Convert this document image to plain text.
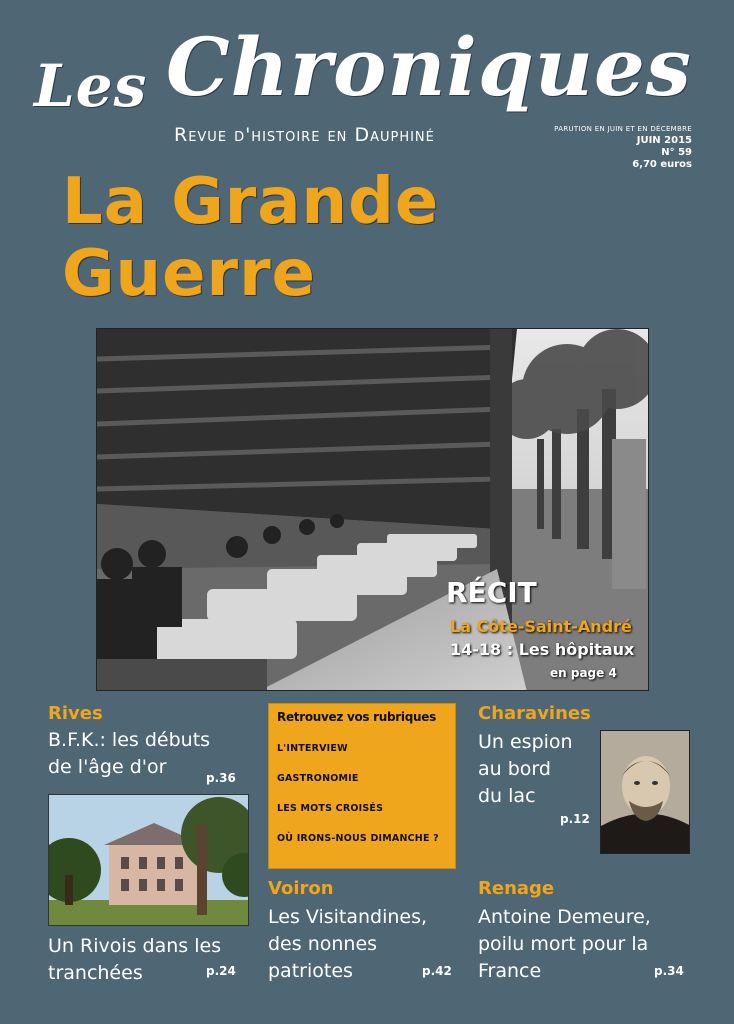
Les Chroniques
Revue d'histoire en Dauphiné	PARUTION EN JUIN ET EN DÉCEMBRE
JUIN 2015
N° 59
6,70 euros
La Grande
Guerre
RÉCIT
La Côte-Saint-André
14-18 : Les hôpitaux
en page 4
Rives
B.F.K.: les débuts
de l'âge d'or	p.36
Un Rivois dans les
tranchées	p.24
Retrouvez vos rubriques
L'INTERVIEW
GASTRONOMIE
LES MOTS CROISÉS
OÙ IRONS-NOUS DIMANCHE ?
Charavines
Un espion
au bord
du lac
p.12
Voiron
Les Visitandines,
des nonnes
patriotes	p.42
Renage
Antoine Demeure,
poilu mort pour la
France	p.34
